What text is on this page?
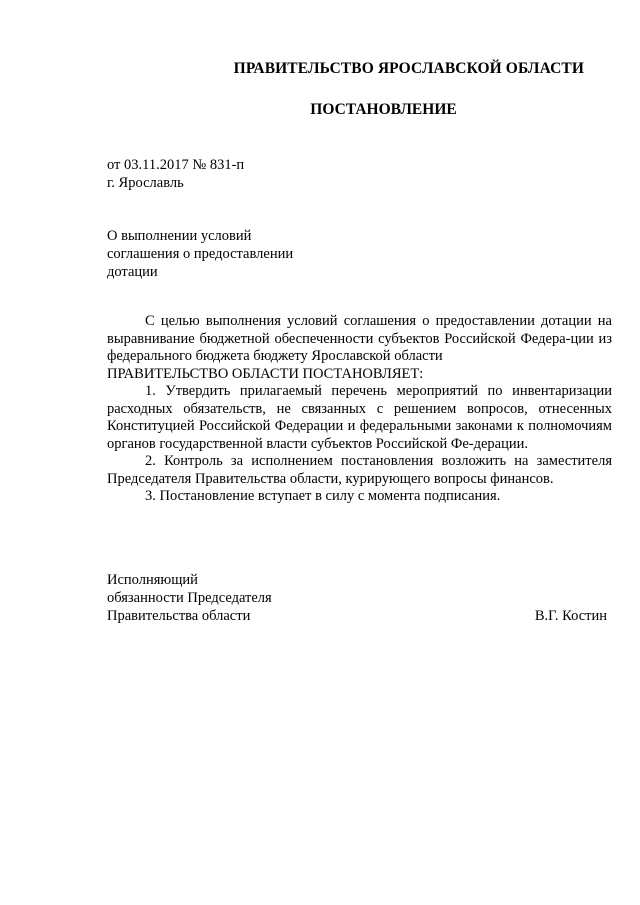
ПРАВИТЕЛЬСТВО ЯРОСЛАВСКОЙ ОБЛАСТИ
ПОСТАНОВЛЕНИЕ
от 03.11.2017 № 831-п
г. Ярославль
О выполнении условий
соглашения о предоставлении
дотации

С целью выполнения условий соглашения о предоставлении дотации на выравнивание бюджетной обеспеченности субъектов Российской Федера-ции из федерального бюджета бюджету Ярославской области

ПРАВИТЕЛЬСТВО ОБЛАСТИ ПОСТАНОВЛЯЕТ:

1. Утвердить прилагаемый перечень мероприятий по инвентаризации расходных обязательств, не связанных с решением вопросов, отнесенных Конституцией Российской Федерации и федеральными законами к полномочиям органов государственной власти субъектов Российской Фе-дерации.

2. Контроль за исполнением постановления возложить на заместителя Председателя Правительства области, курирующего вопросы финансов.

3. Постановление вступает в силу с момента подписания.

Исполняющий
обязанности Председателя
Правительства области	В.Г. Костин
